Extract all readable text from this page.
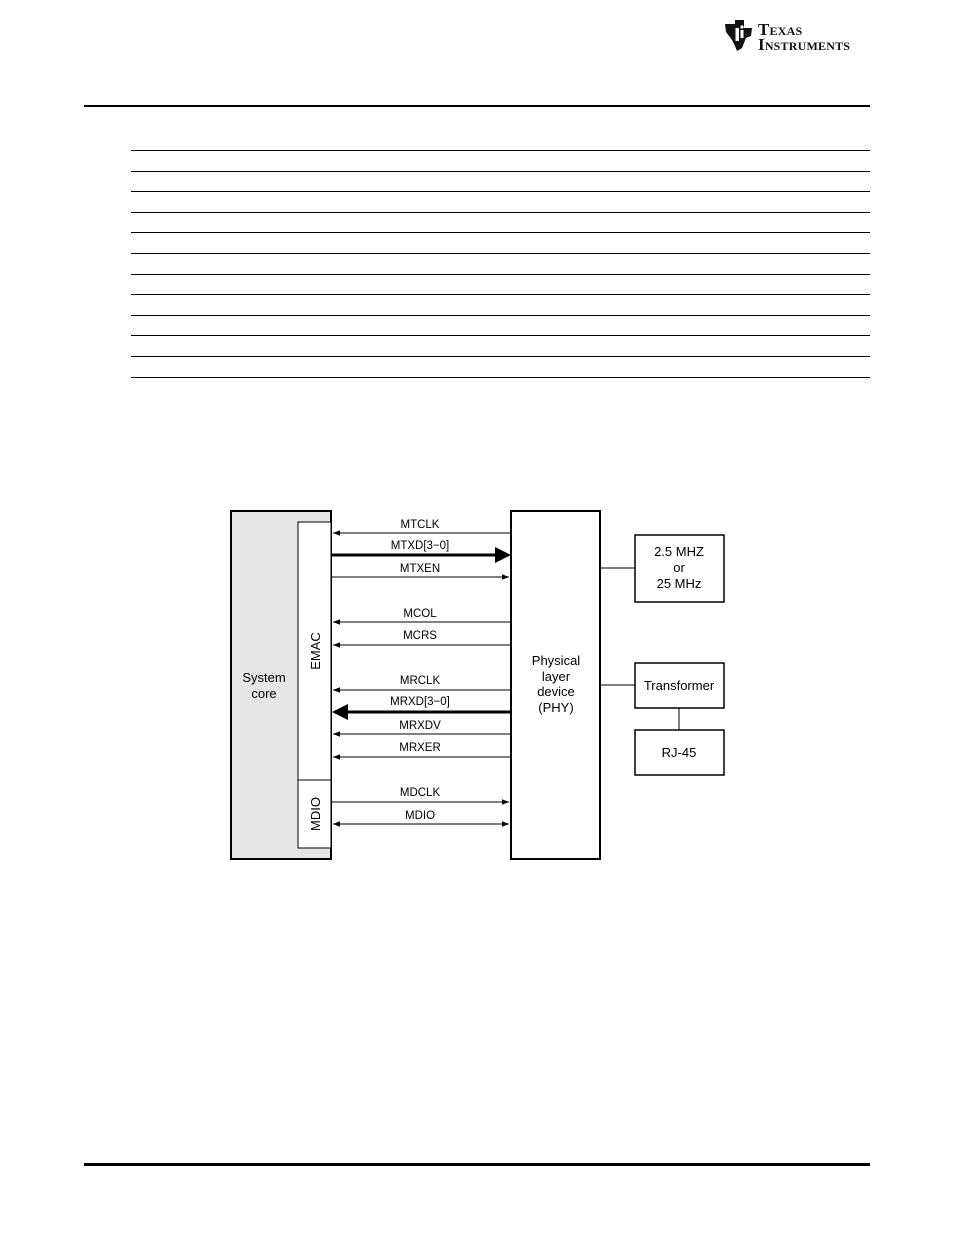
Texas
Instruments
System
core
EMAC
MDIO
Physical
layer
device
(PHY)
2.5 MHZ
or
25 MHz
Transformer
RJ-45
MTCLK
MTXD[3−0]
MTXEN
MCOL
MCRS
MRCLK
MRXD[3−0]
MRXDV
MRXER
MDCLK
MDIO
